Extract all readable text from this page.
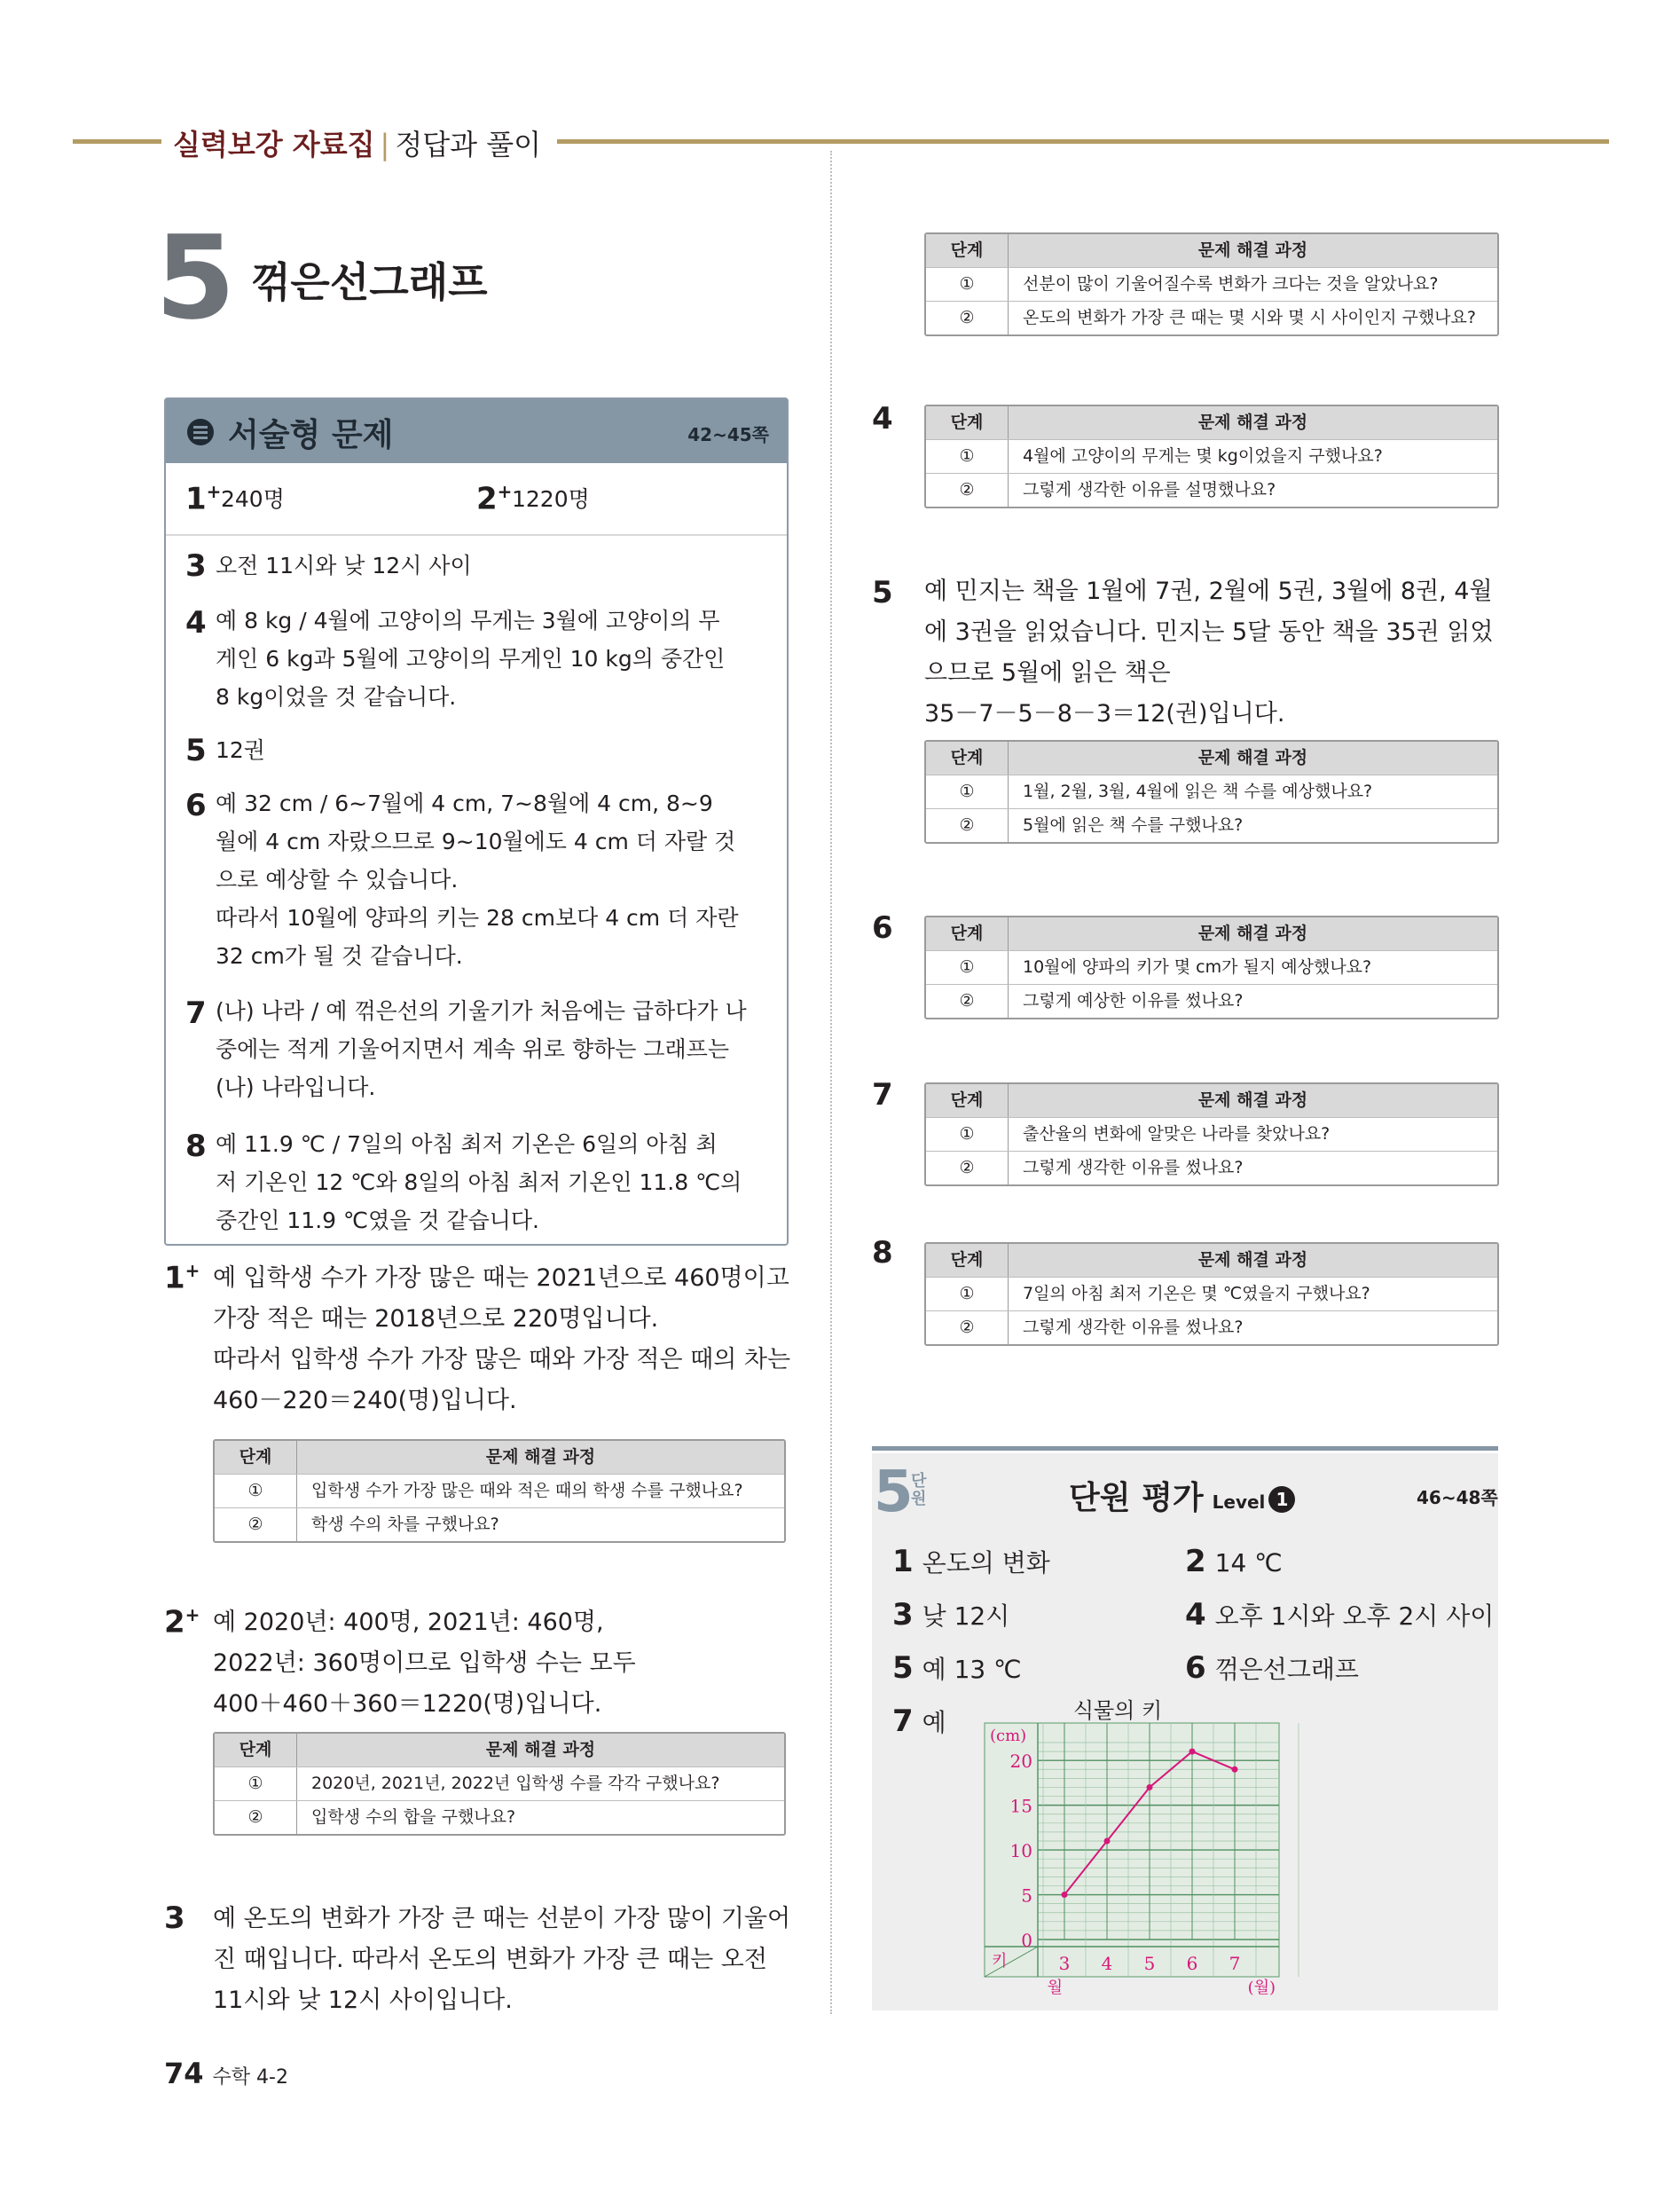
실력보강 자료집 | 정답과 풀이
5 꺾은선그래프
서술형 문제	42~45쪽
1+ 240명	2+ 1220명
3 오전 11시와 낮 12시 사이
4 예 8 kg / 4월에 고양이의 무게는 3월에 고양이의 무
게인 6 kg과 5월에 고양이의 무게인 10 kg의 중간인
8 kg이었을 것 같습니다.
5 12권
6 예 32 cm / 6~7월에 4 cm, 7~8월에 4 cm, 8~9
월에 4 cm 자랐으므로 9~10월에도 4 cm 더 자랄 것
으로 예상할 수 있습니다.
따라서 10월에 양파의 키는 28 cm보다 4 cm 더 자란
32 cm가 될 것 같습니다.
7 (나) 나라 / 예 꺾은선의 기울기가 처음에는 급하다가 나
중에는 적게 기울어지면서 계속 위로 향하는 그래프는
(나) 나라입니다.
8 예 11.9 ℃ / 7일의 아침 최저 기온은 6일의 아침 최
저 기온인 12 ℃와 8일의 아침 최저 기온인 11.8 ℃의
중간인 11.9 ℃였을 것 같습니다.
1+ 예 입학생 수가 가장 많은 때는 2021년으로 460명이고
가장 적은 때는 2018년으로 220명입니다.
따라서 입학생 수가 가장 많은 때와 가장 적은 때의 차는
460－220＝240(명)입니다.
단계	문제 해결 과정
①	입학생 수가 가장 많은 때와 적은 때의 학생 수를 구했나요?
②	학생 수의 차를 구했나요?
2+ 예 2020년: 400명, 2021년: 460명,
2022년: 360명이므로 입학생 수는 모두
400＋460＋360＝1220(명)입니다.
단계	문제 해결 과정
①	2020년, 2021년, 2022년 입학생 수를 각각 구했나요?
②	입학생 수의 합을 구했나요?
3 예 온도의 변화가 가장 큰 때는 선분이 가장 많이 기울어
진 때입니다. 따라서 온도의 변화가 가장 큰 때는 오전
11시와 낮 12시 사이입니다.
단계	문제 해결 과정
①	선분이 많이 기울어질수록 변화가 크다는 것을 알았나요?
②	온도의 변화가 가장 큰 때는 몇 시와 몇 시 사이인지 구했나요?
4	단계	문제 해결 과정
①	4월에 고양이의 무게는 몇 kg이었을지 구했나요?
②	그렇게 생각한 이유를 설명했나요?
5 예 민지는 책을 1월에 7권, 2월에 5권, 3월에 8권, 4월
에 3권을 읽었습니다. 민지는 5달 동안 책을 35권 읽었
으므로 5월에 읽은 책은
35－7－5－8－3＝12(권)입니다.
단계	문제 해결 과정
①	1월, 2월, 3월, 4월에 읽은 책 수를 예상했나요?
②	5월에 읽은 책 수를 구했나요?
6	단계	문제 해결 과정
①	10월에 양파의 키가 몇 cm가 될지 예상했나요?
②	그렇게 예상한 이유를 썼나요?
7	단계	문제 해결 과정
①	출산율의 변화에 알맞은 나라를 찾았나요?
②	그렇게 생각한 이유를 썼나요?
8	단계	문제 해결 과정
①	7일의 아침 최저 기온은 몇 ℃였을지 구했나요?
②	그렇게 생각한 이유를 썼나요?
5
단원	단원 평가 Level 1	46~48쪽
1 온도의 변화	2 14 ℃
3 낮 12시	4 오후 1시와 오후 2시 사이
5 예 13 ℃	6 꺾은선그래프
7 예	식물의 키
0
5
10
15
20
3 4 5 6 7
(cm)
(월)
키
월
74 수학 4-2
